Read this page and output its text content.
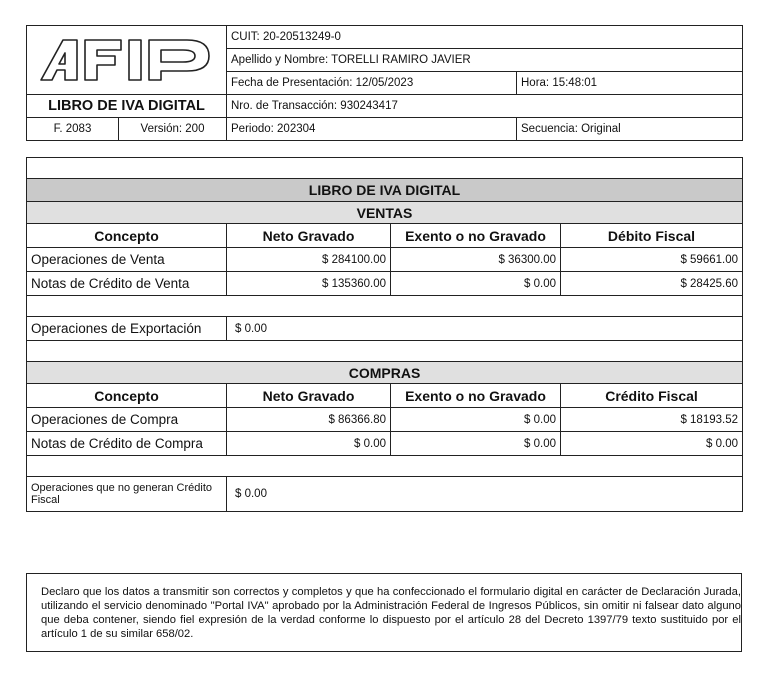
	CUIT: 20-20513249-0	
		Apellido y Nombre: TORELLI RAMIRO JAVIER	
		Fecha de Presentación: 12/05/2023	Hora: 15:48:01
LIBRO DE IVA DIGITAL		Nro. de Transacción: 930243417	
F. 2083	Versión: 200	Periodo: 202304	Secuencia: Original

LIBRO DE IVA DIGITAL			
VENTAS			
Concepto	Neto Gravado	Exento o no Gravado	Débito Fiscal
Operaciones de Venta	$ 284100.00	$ 36300.00	$ 59661.00
Notas de Crédito de Venta	$ 135360.00	$ 0.00	$ 28425.60

Operaciones de Exportación	$ 0.00		

COMPRAS			
Concepto	Neto Gravado	Exento o no Gravado	Crédito Fiscal
Operaciones de Compra	$ 86366.80	$ 0.00	$ 18193.52
Notas de Crédito de Compra	$ 0.00	$ 0.00	$ 0.00

Operaciones que no generan Crédito Fiscal	$ 0.00		
Declaro que los datos a transmitir son correctos y completos y que ha confeccionado el formulario digital en carácter de Declaración Jurada, utilizando el servicio denominado "Portal IVA" aprobado por la Administración Federal de Ingresos Públicos, sin omitir ni falsear dato alguno que deba contener, siendo fiel expresión de la verdad conforme lo dispuesto por el artículo 28 del Decreto 1397/79 texto sustituido por el artículo 1 de su similar 658/02.
